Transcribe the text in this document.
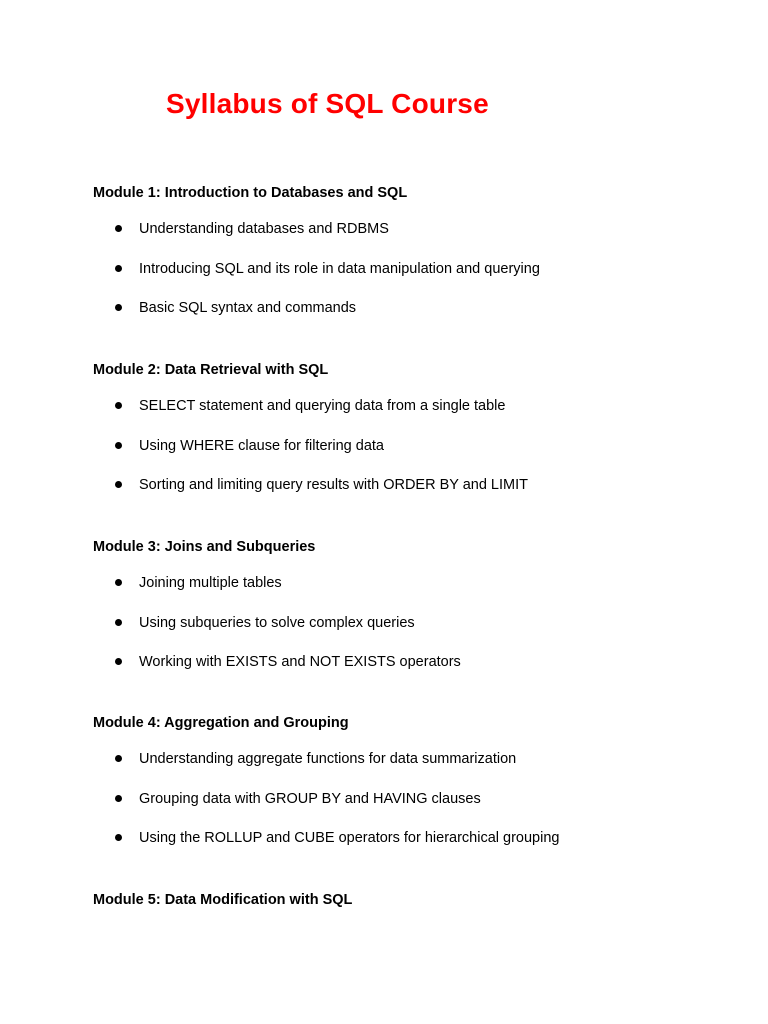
Syllabus of SQL Course
Module 1: Introduction to Databases and SQL
Understanding databases and RDBMS
Introducing SQL and its role in data manipulation and querying
Basic SQL syntax and commands
Module 2: Data Retrieval with SQL
SELECT statement and querying data from a single table
Using WHERE clause for filtering data
Sorting and limiting query results with ORDER BY and LIMIT
Module 3: Joins and Subqueries
Joining multiple tables
Using subqueries to solve complex queries
Working with EXISTS and NOT EXISTS operators
Module 4: Aggregation and Grouping
Understanding aggregate functions for data summarization
Grouping data with GROUP BY and HAVING clauses
Using the ROLLUP and CUBE operators for hierarchical grouping
Module 5: Data Modification with SQL
